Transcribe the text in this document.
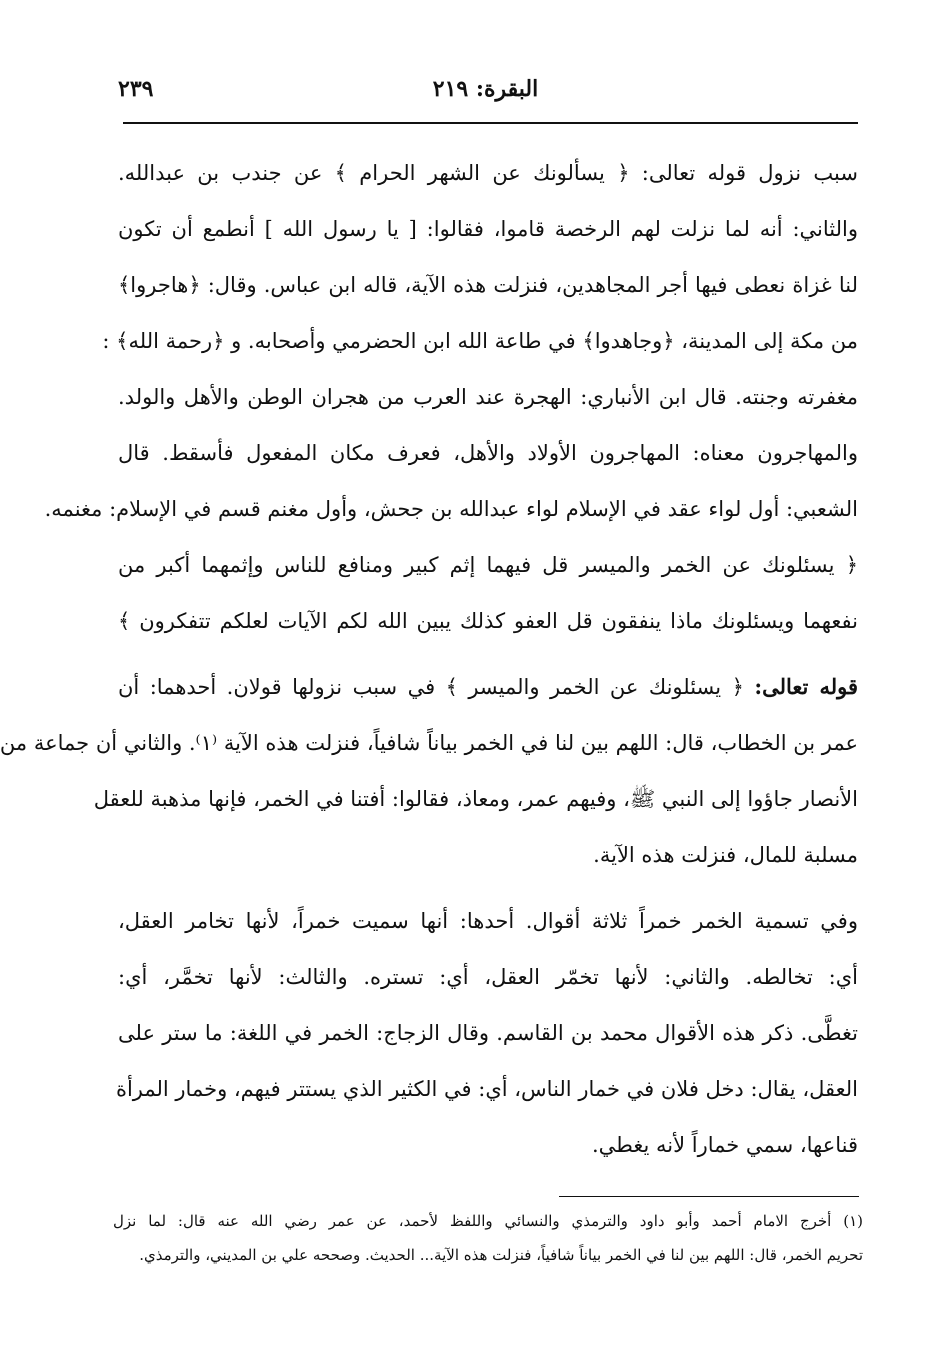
البقرة: ٢١٩
٢٣٩
سبب نزول قوله تعالى: ﴿ يسألونك عن الشهر الحرام ﴾ عن جندب بن عبدالله.
والثاني: أنه لما نزلت لهم الرخصة قاموا، فقالوا: [ يا رسول الله ] أنطمع أن تكون
لنا غزاة نعطى فيها أجر المجاهدين، فنزلت هذه الآية، قاله ابن عباس. وقال: ﴿هاجروا﴾
من مكة إلى المدينة، ﴿وجاهدوا﴾ في طاعة الله ابن الحضرمي وأصحابه. و ﴿رحمة الله﴾ :
مغفرته وجنته. قال ابن الأنباري: الهجرة عند العرب من هجران الوطن والأهل والولد.
والمهاجرون معناه: المهاجرون الأولاد والأهل، فعرف مكان المفعول فأسقط. قال
الشعبي: أول لواء عقد في الإسلام لواء عبدالله بن جحش، وأول مغنم قسم في الإسلام: مغنمه.
﴿ يسئلونك عن الخمر والميسر قل فيهما إثم كبير ومنافع للناس وإثمهما أكبر من
نفعهما ويسئلونك ماذا ينفقون قل العفو كذلك يبين الله لكم الآيات لعلكم تتفكرون ﴾
قوله تعالى: ﴿ يسئلونك عن الخمر والميسر ﴾ في سبب نزولها قولان. أحدهما: أن
عمر بن الخطاب، قال: اللهم بين لنا في الخمر بياناً شافياً، فنزلت هذه الآية ⁽١⁾. والثاني أن جماعة من
الأنصار جاؤوا إلى النبي ﷺ، وفيهم عمر، ومعاذ، فقالوا: أفتنا في الخمر، فإنها مذهبة للعقل
مسلبة للمال، فنزلت هذه الآية.
وفي تسمية الخمر خمراً ثلاثة أقوال. أحدها: أنها سميت خمراً، لأنها تخامر العقل،
أي: تخالطه. والثاني: لأنها تخمّر العقل، أي: تستره. والثالث: لأنها تخمَّر، أي:
تغطَّى. ذكر هذه الأقوال محمد بن القاسم. وقال الزجاج: الخمر في اللغة: ما ستر على
العقل، يقال: دخل فلان في خمار الناس، أي: في الكثير الذي يستتر فيهم، وخمار المرأة
قناعها، سمي خماراً لأنه يغطي.
(١) أخرج الامام أحمد وأبو داود والترمذي والنسائي واللفظ لأحمد، عن عمر رضي الله عنه قال: لما نزل
تحريم الخمر، قال: اللهم بين لنا في الخمر بياناً شافياً، فنزلت هذه الآية... الحديث. وصححه علي بن المديني، والترمذي.
